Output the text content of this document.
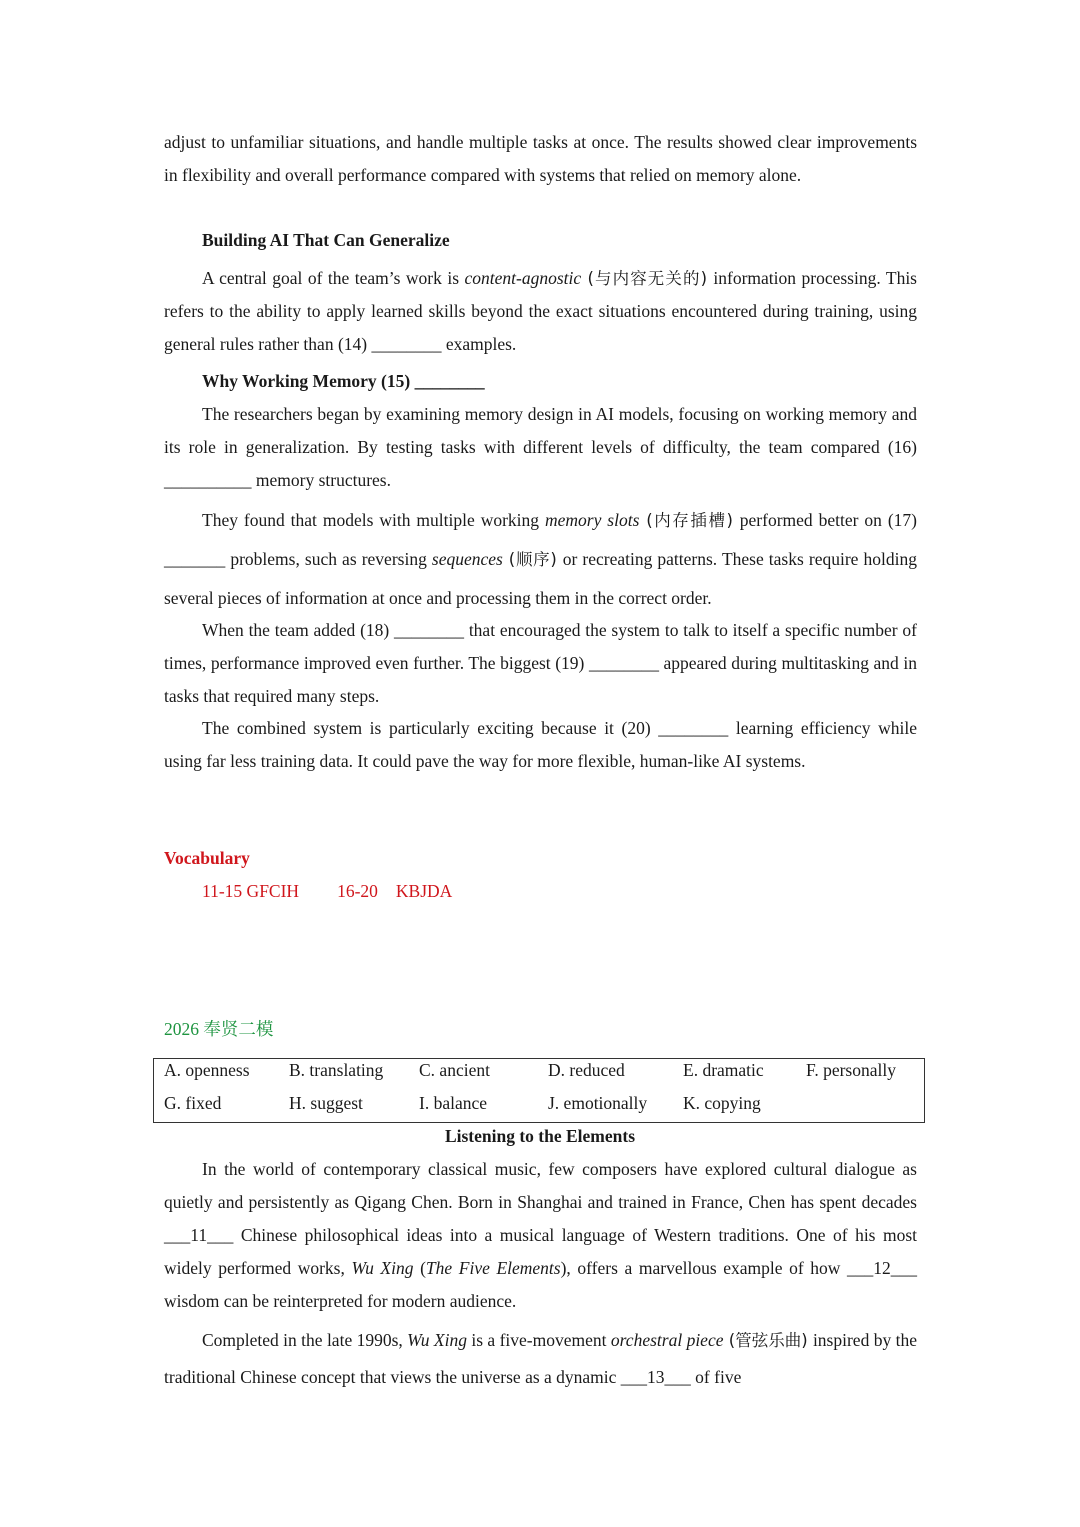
adjust to unfamiliar situations, and handle multiple tasks at once. The results showed clear improvements in flexibility and overall performance compared with systems that relied on memory alone.

Building AI That Can Generalize

A central goal of the team’s work is content-agnostic (与内容无关的) information processing. This refers to the ability to apply learned skills beyond the exact situations encountered during training, using general rules rather than (14) ________ examples.

Why Working Memory (15) ________

The researchers began by examining memory design in AI models, focusing on working memory and its role in generalization. By testing tasks with different levels of difficulty, the team compared (16) __________ memory structures.

They found that models with multiple working memory slots (内存插槽) performed better on (17) _______ problems, such as reversing sequences (顺序) or recreating patterns. These tasks require holding several pieces of information at once and processing them in the correct order.

When the team added (18) ________ that encouraged the system to talk to itself a specific number of times, performance improved even further. The biggest (19) ________ appeared during multitasking and in tasks that required many steps.

The combined system is particularly exciting because it (20) ________ learning efficiency while using far less training data. It could pave the way for more flexible, human-like AI systems.

Vocabulary
11-15 GFCIH 16-20 KBJDA
2026 奉贤二模
A. openness B. translating C. ancient	D. reduced	E. dramatic F. personally
G. fixed	H. suggest	I. balance	J. emotionally K. copying
Listening to the Elements

In the world of contemporary classical music, few composers have explored cultural dialogue as quietly and persistently as Qigang Chen. Born in Shanghai and trained in France, Chen has spent decades ___11___ Chinese philosophical ideas into a musical language of Western traditions. One of his most widely performed works, Wu Xing (The Five Elements), offers a marvellous example of how ___12___ wisdom can be reinterpreted for modern audience.

Completed in the late 1990s, Wu Xing is a five-movement orchestral piece (管弦乐曲) inspired by the traditional Chinese concept that views the universe as a dynamic ___13___ of five
